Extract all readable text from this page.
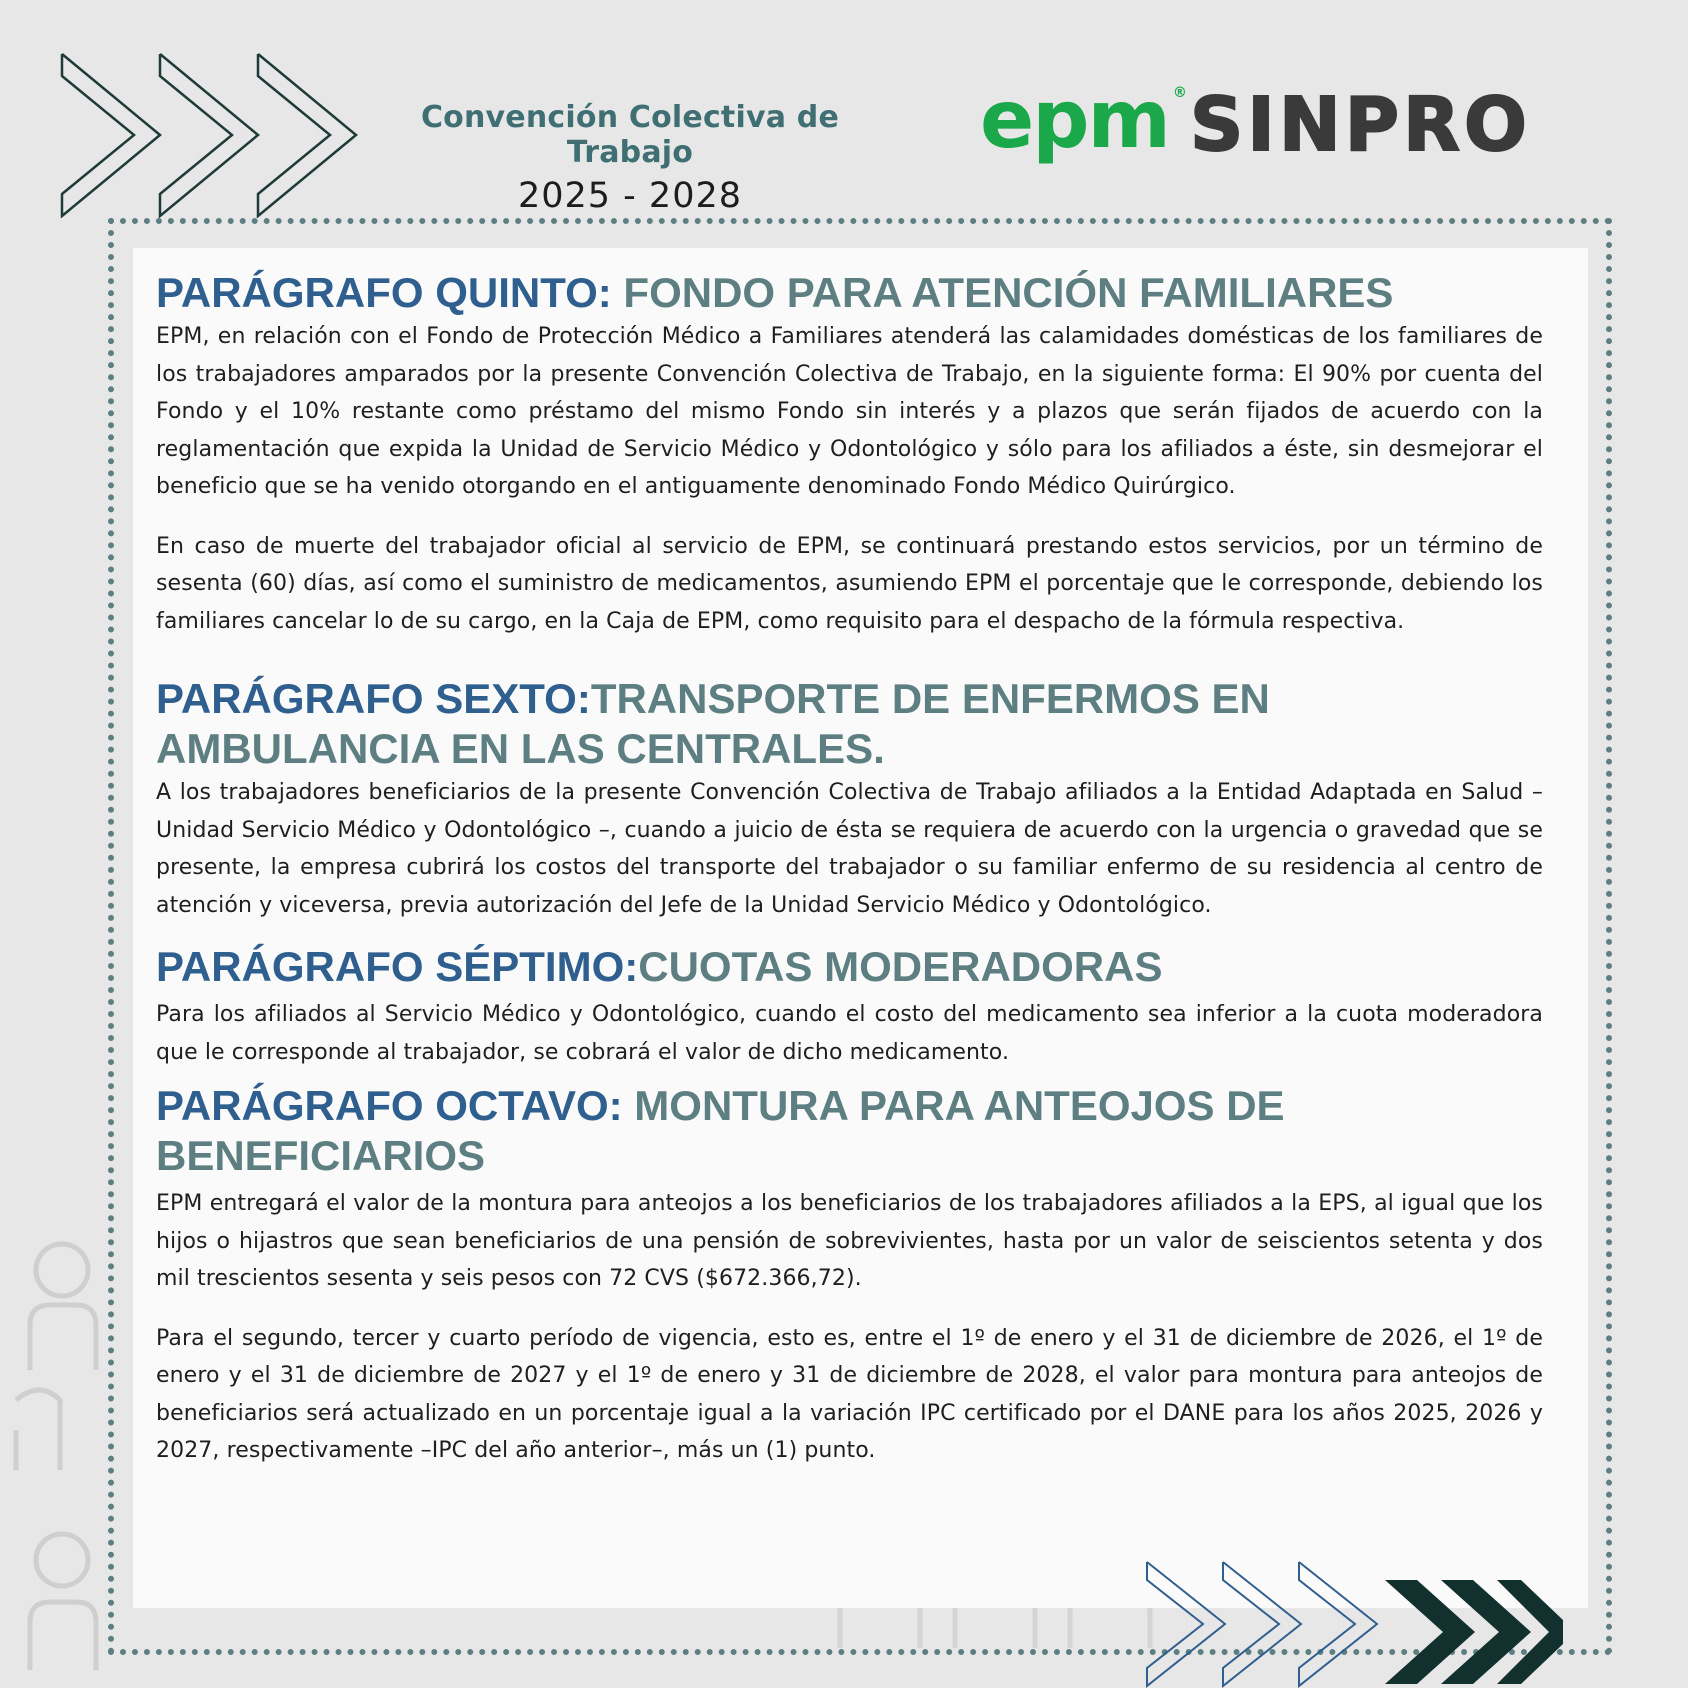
Convención Colectiva de Trabajo
2025 - 2028
epm ® SINPRO
PARÁGRAFO QUINTO: FONDO PARA ATENCIÓN FAMILIARES

EPM, en relación con el Fondo de Protección Médico a Familiares atenderá las calamidades domésticas de los familiares de los trabajadores amparados por la presente Convención Colectiva de Trabajo, en la siguiente forma: El 90% por cuenta del Fondo y el 10% restante como préstamo del mismo Fondo sin interés y a plazos que serán fijados de acuerdo con la reglamentación que expida la Unidad de Servicio Médico y Odontológico y sólo para los afiliados a éste, sin desmejorar el beneficio que se ha venido otorgando en el antiguamente denominado Fondo Médico Quirúrgico.

En caso de muerte del trabajador oficial al servicio de EPM, se continuará prestando estos servicios, por un término de sesenta (60) días, así como el suministro de medicamentos, asumiendo EPM el porcentaje que le corresponde, debiendo los familiares cancelar lo de su cargo, en la Caja de EPM, como requisito para el despacho de la fórmula respectiva.

PARÁGRAFO SEXTO:TRANSPORTE DE ENFERMOS EN AMBULANCIA EN LAS CENTRALES.

A los trabajadores beneficiarios de la presente Convención Colectiva de Trabajo afiliados a la Entidad Adaptada en Salud – Unidad Servicio Médico y Odontológico –, cuando a juicio de ésta se requiera de acuerdo con la urgencia o gravedad que se presente, la empresa cubrirá los costos del transporte del trabajador o su familiar enfermo de su residencia al centro de atención y viceversa, previa autorización del Jefe de la Unidad Servicio Médico y Odontológico.

PARÁGRAFO SÉPTIMO:CUOTAS MODERADORAS

Para los afiliados al Servicio Médico y Odontológico, cuando el costo del medicamento sea inferior a la cuota moderadora que le corresponde al trabajador, se cobrará el valor de dicho medicamento.

PARÁGRAFO OCTAVO: MONTURA PARA ANTEOJOS DE BENEFICIARIOS

EPM entregará el valor de la montura para anteojos a los beneficiarios de los trabajadores afiliados a la EPS, al igual que los hijos o hijastros que sean beneficiarios de una pensión de sobrevivientes, hasta por un valor de seiscientos setenta y dos mil trescientos sesenta y seis pesos con 72 CVS ($672.366,72).

Para el segundo, tercer y cuarto período de vigencia, esto es, entre el 1º de enero y el 31 de diciembre de 2026, el 1º de enero y el 31 de diciembre de 2027 y el 1º de enero y 31 de diciembre de 2028, el valor para montura para anteojos de beneficiarios será actualizado en un porcentaje igual a la variación IPC certificado por el DANE para los años 2025, 2026 y 2027, respectivamente –IPC del año anterior–, más un (1) punto.
